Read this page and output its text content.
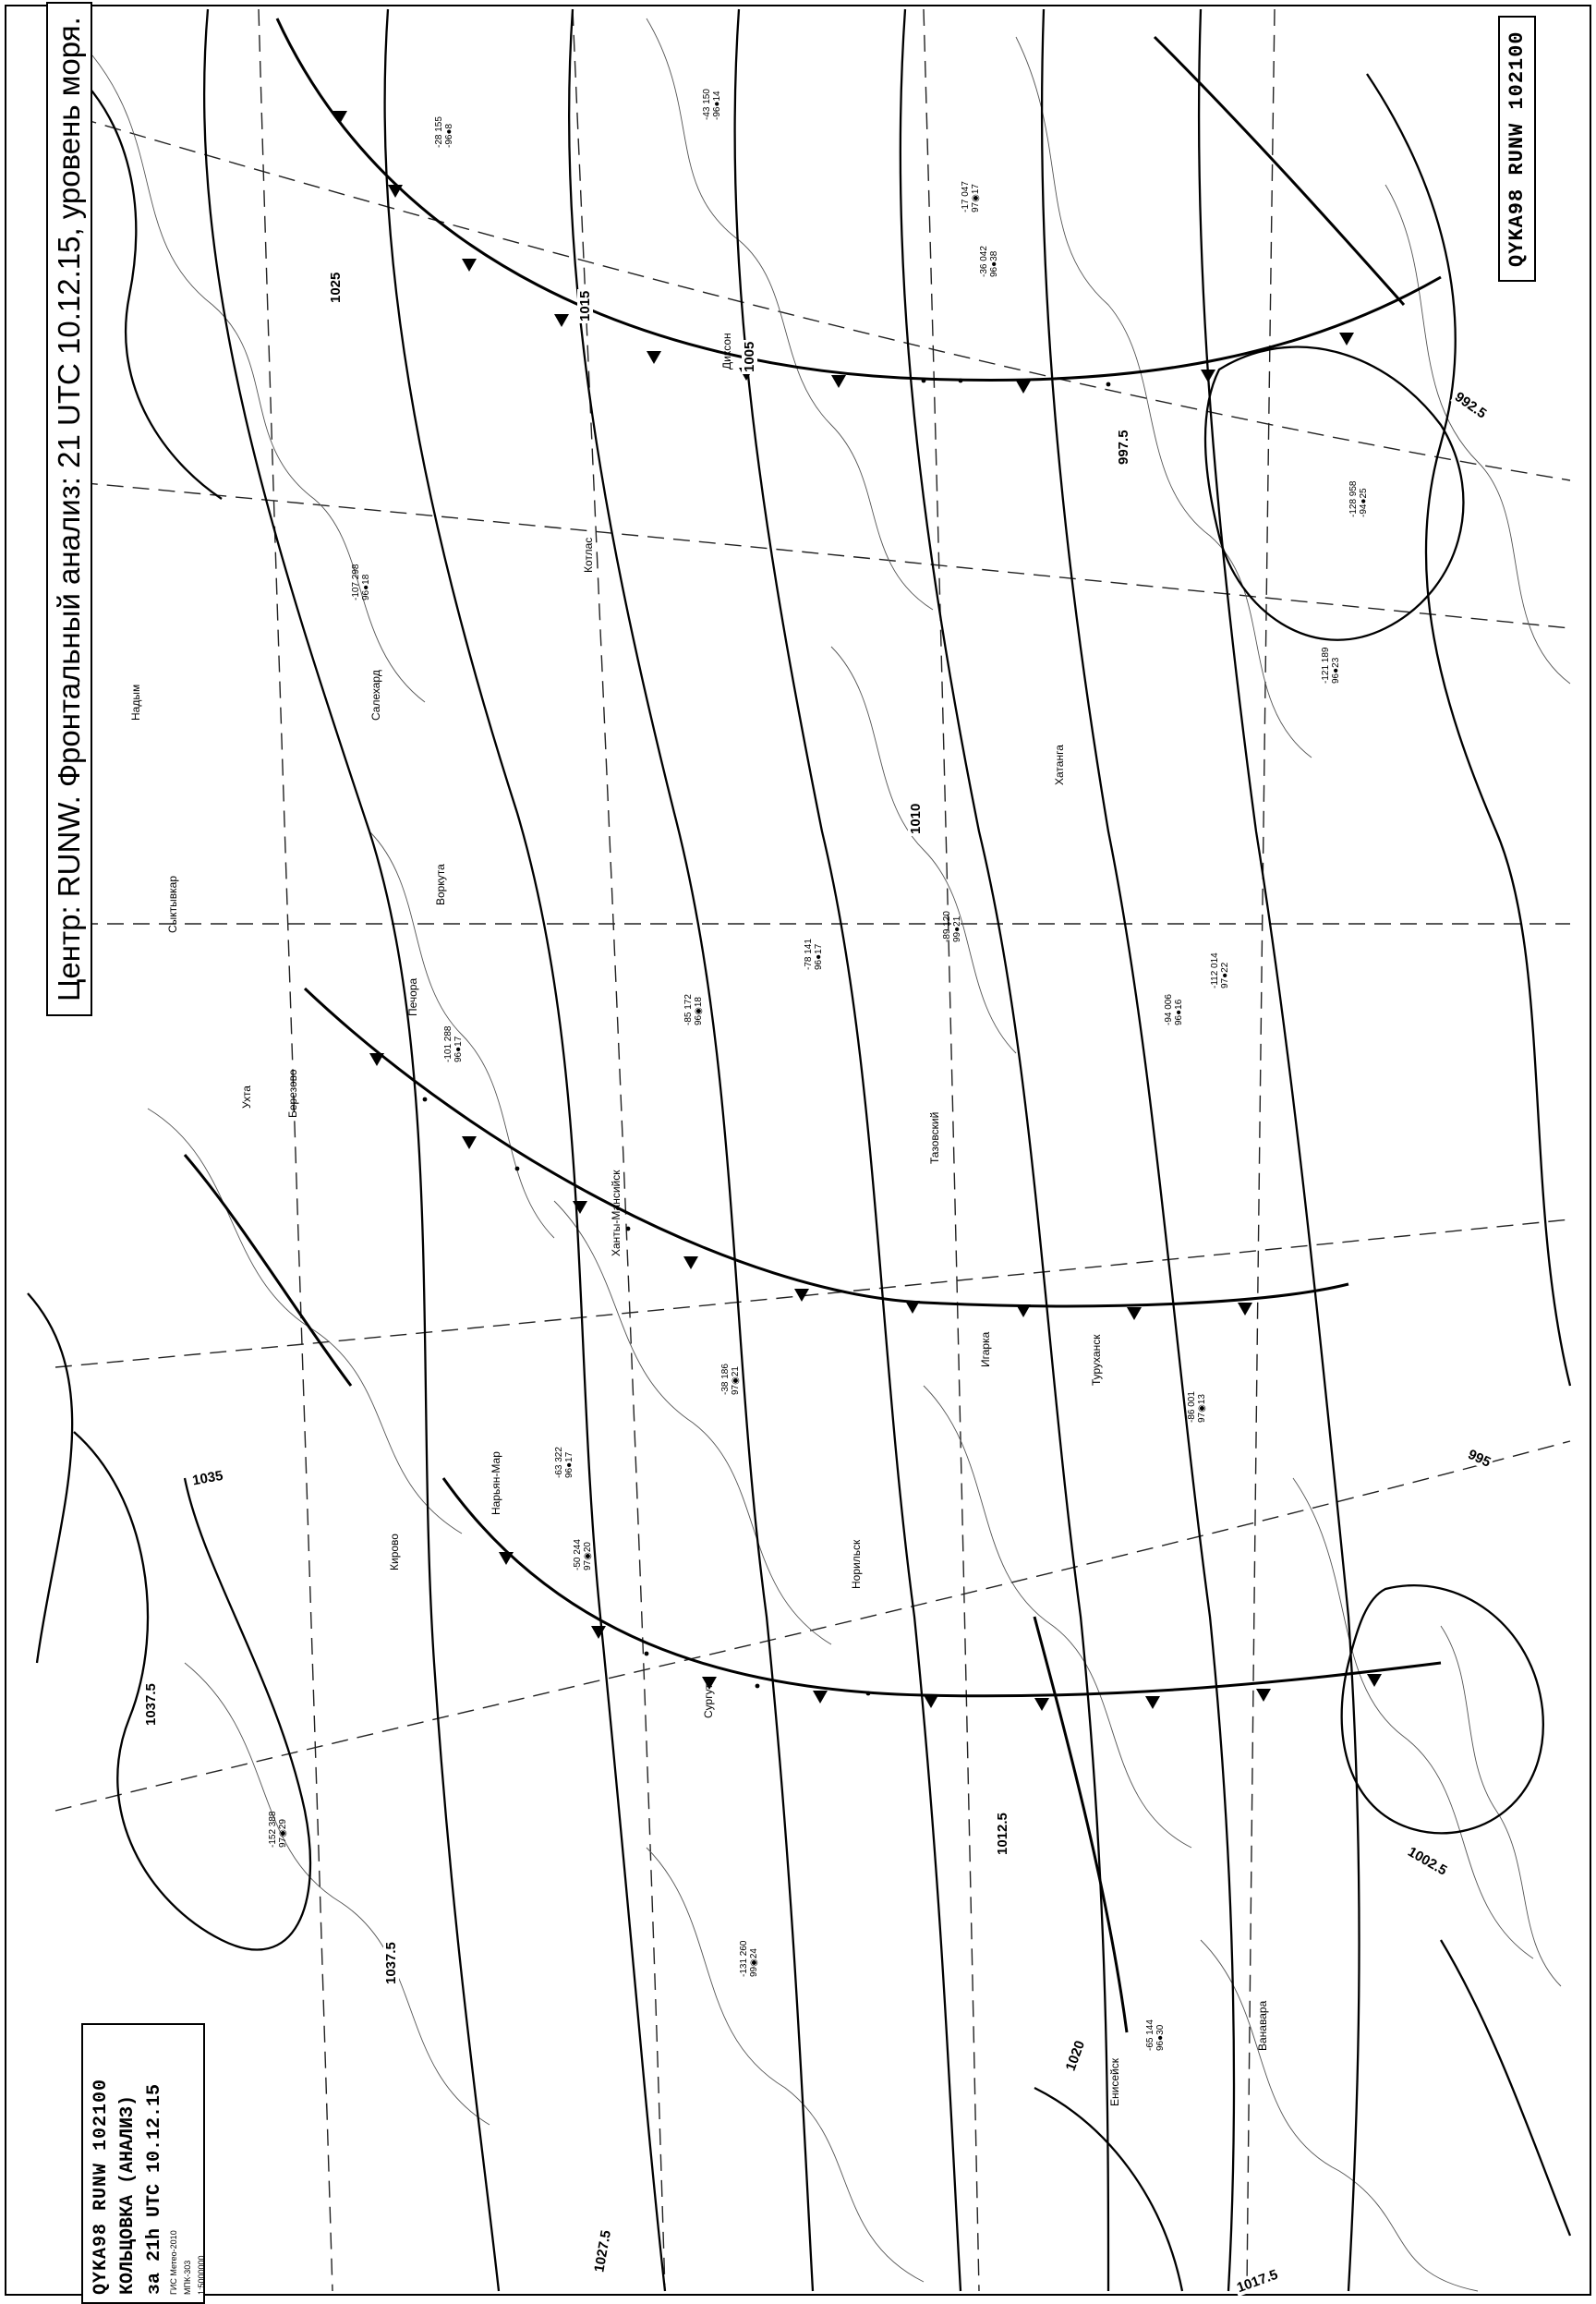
1037.5
1035
1025
1015
1005
997.5
992.5
995
1002.5
1010
1012.5
1017.5
1020
1027.5
1037.5
-43 150
-96●14
-28 155
-96●8
-17 047
97◉17
-36 042
96●38
-86 001
97◉13
-94 006
96●16
-78 141
96●17
-89 120
99●21
-65 144
96●30
-50 244
97◉20
-112 014
97●22
-128 958
-94●25
-121 189
96●23
-131 260
99◉24
-152 388
97◉29
-101 288
96●17
-38 186
97◉21
-85 172
96◉18
-107 298
96●18
-63 322
96●17
Тазовский
Хатанга
Туруханск
Игарка
Ванавара
Норильск
Енисейск
Диксон
Воркута
Сыктывкар
Ухта
Печора
Сургут
Нарьян-Мар
Березово
Ханты-Мансийск
Надым	Салехард
Котлас
Кирово
Центр: RUNW. Фронтальный анализ: 21 UTC 10.12.15, уровень моря.	QYKA98 RUNW 102100
QYKA98 RUNW 102100 КОЛЬЦОВКА (АНАЛИЗ) за 21h UTC 10.12.15 ГИС Метео-2010 МПК-303 1:5000000
